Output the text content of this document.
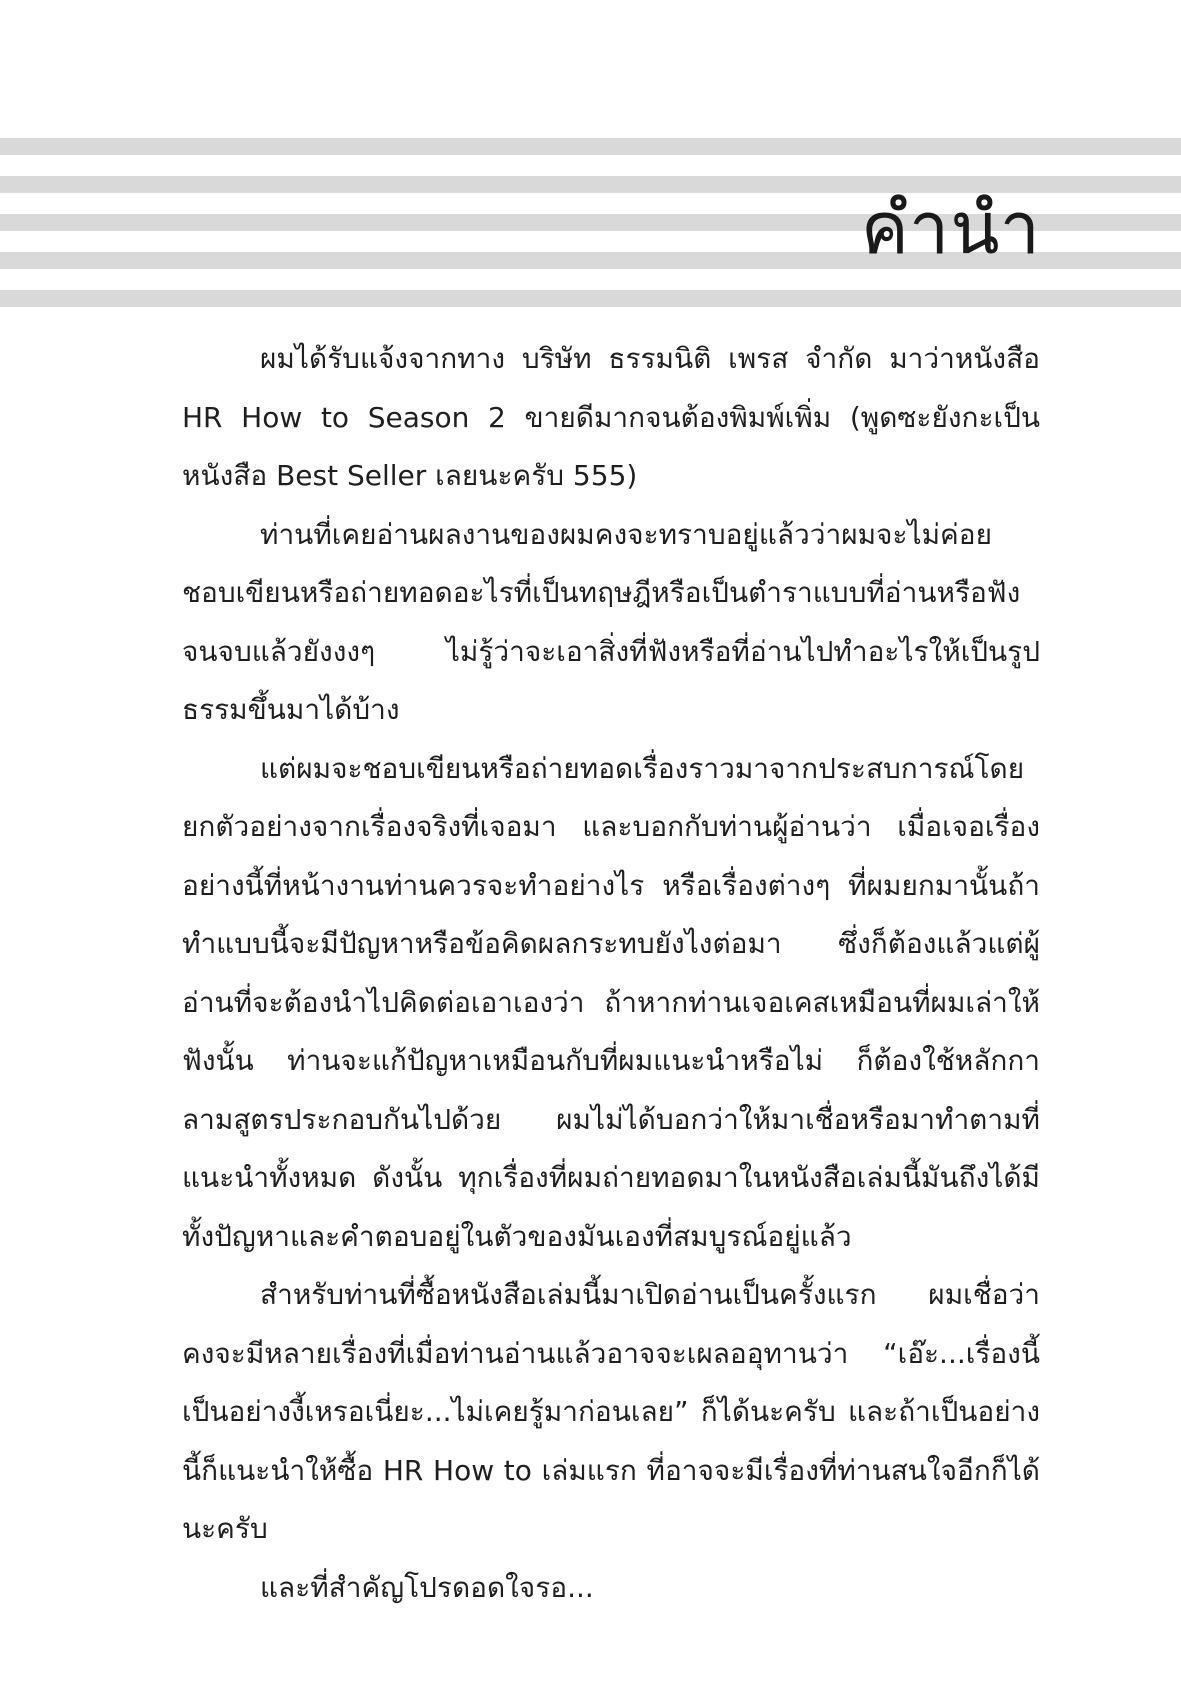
คำนำ

ผมได้รับแจ้งจากทาง บริษัท ธรรมนิติ เพรส จำกัด มาว่าหนังสือ HR How to Season 2 ขายดีมากจนต้องพิมพ์เพิ่ม (พูดซะยังกะเป็นหนังสือ Best Seller เลยนะครับ 555)

ท่านที่เคยอ่านผลงานของผมคงจะทราบอยู่แล้วว่าผมจะไม่ค่อยชอบเขียนหรือถ่ายทอดอะไรที่เป็นทฤษฎีหรือเป็นตำราแบบที่อ่านหรือฟังจนจบแล้วยังงงๆ ไม่รู้ว่าจะเอาสิ่งที่ฟังหรือที่อ่านไปทำอะไรให้เป็นรูปธรรมขึ้นมาได้บ้าง

แต่ผมจะชอบเขียนหรือถ่ายทอดเรื่องราวมาจากประสบการณ์โดยยกตัวอย่างจากเรื่องจริงที่เจอมา และบอกกับท่านผู้อ่านว่า เมื่อเจอเรื่องอย่างนี้ที่หน้างานท่านควรจะทำอย่างไร หรือเรื่องต่างๆ ที่ผมยกมานั้นถ้าทำแบบนี้จะมีปัญหาหรือข้อคิดผลกระทบยังไงต่อมา ซึ่งก็ต้องแล้วแต่ผู้อ่านที่จะต้องนำไปคิดต่อเอาเองว่า ถ้าหากท่านเจอเคสเหมือนที่ผมเล่าให้ฟังนั้น ท่านจะแก้ปัญหาเหมือนกับที่ผมแนะนำหรือไม่ ก็ต้องใช้หลักกาลามสูตรประกอบกันไปด้วย ผมไม่ได้บอกว่าให้มาเชื่อหรือมาทำตามที่แนะนำทั้งหมด ดังนั้น ทุกเรื่องที่ผมถ่ายทอดมาในหนังสือเล่มนี้มันถึงได้มีทั้งปัญหาและคำตอบอยู่ในตัวของมันเองที่สมบูรณ์อยู่แล้ว

สำหรับท่านที่ซื้อหนังสือเล่มนี้มาเปิดอ่านเป็นครั้งแรก ผมเชื่อว่าคงจะมีหลายเรื่องที่เมื่อท่านอ่านแล้วอาจจะเผลออุทานว่า “เอ๊ะ...เรื่องนี้เป็นอย่างงี้เหรอเนี่ยะ...ไม่เคยรู้มาก่อนเลย” ก็ได้นะครับ และถ้าเป็นอย่างนี้ก็แนะนำให้ซื้อ HR How to เล่มแรก ที่อาจจะมีเรื่องที่ท่านสนใจอีกก็ได้นะครับ

และที่สำคัญโปรดอดใจรอ...
